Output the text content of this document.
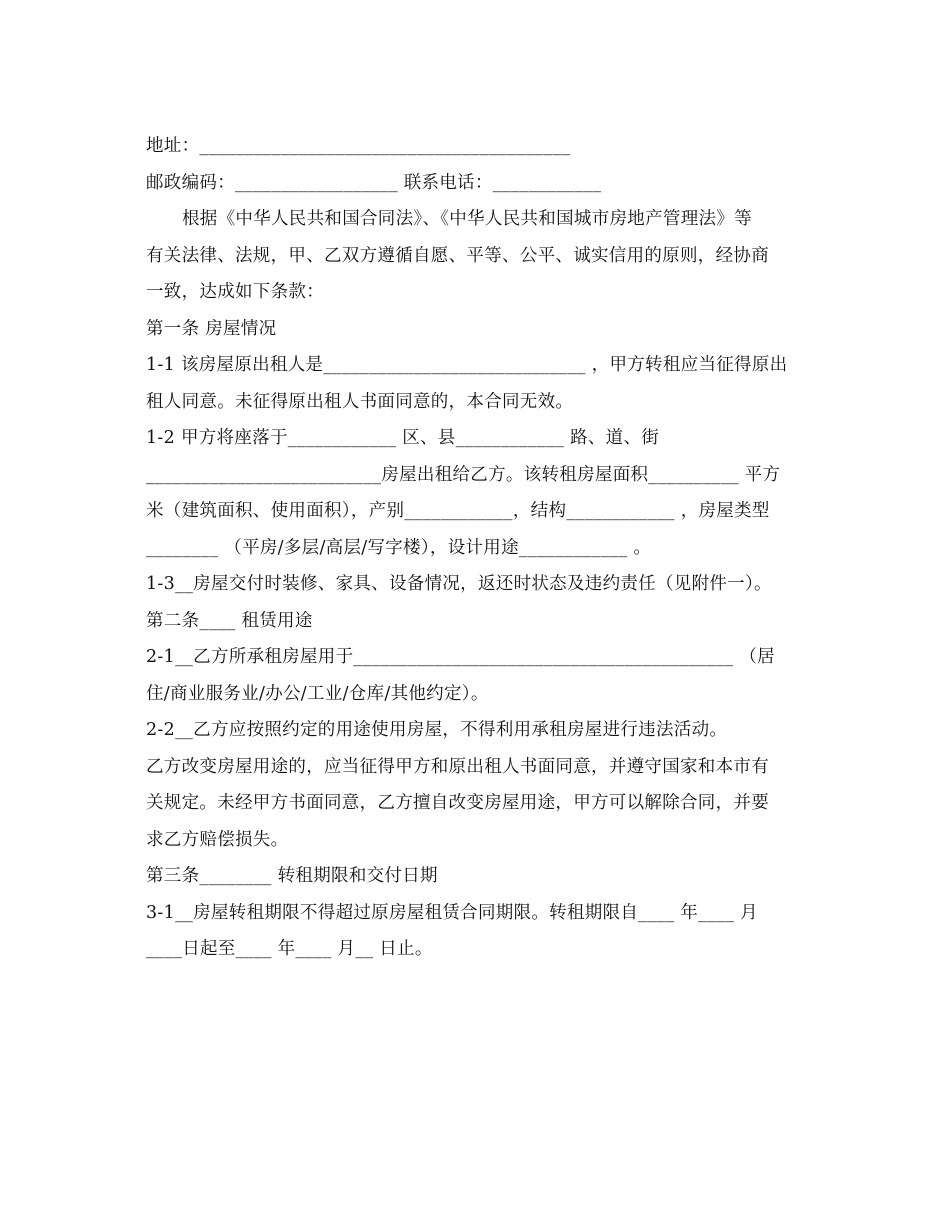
地址：_________________________________________
邮政编码：__________________ 联系电话：____________
根据《中华人民共和国合同法》、《中华人民共和国城市房地产管理法》等
有关法律、法规，甲、乙双方遵循自愿、平等、公平、诚实信用的原则，经协商
一致，达成如下条款：
第一条 房屋情况
1-1 该房屋原出租人是_____________________________ ，甲方转租应当征得原出
租人同意。未征得原出租人书面同意的，本合同无效。
1-2 甲方将座落于____________ 区、县____________ 路、道、街
__________________________房屋出租给乙方。该转租房屋面积__________ 平方
米（建筑面积、使用面积），产别____________，结构____________ ，房屋类型
________ （平房/多层/高层/写字楼），设计用途____________ 。
1-3__房屋交付时装修、家具、设备情况，返还时状态及违约责任（见附件一）。
第二条____ 租赁用途
2-1__乙方所承租房屋用于__________________________________________ （居
住/商业服务业/办公/工业/仓库/其他约定）。
2-2__乙方应按照约定的用途使用房屋，不得利用承租房屋进行违法活动。
乙方改变房屋用途的，应当征得甲方和原出租人书面同意，并遵守国家和本市有
关规定。未经甲方书面同意，乙方擅自改变房屋用途，甲方可以解除合同，并要
求乙方赔偿损失。
第三条________ 转租期限和交付日期
3-1__房屋转租期限不得超过原房屋租赁合同期限。转租期限自____ 年____ 月
____日起至____ 年____ 月__ 日止。
